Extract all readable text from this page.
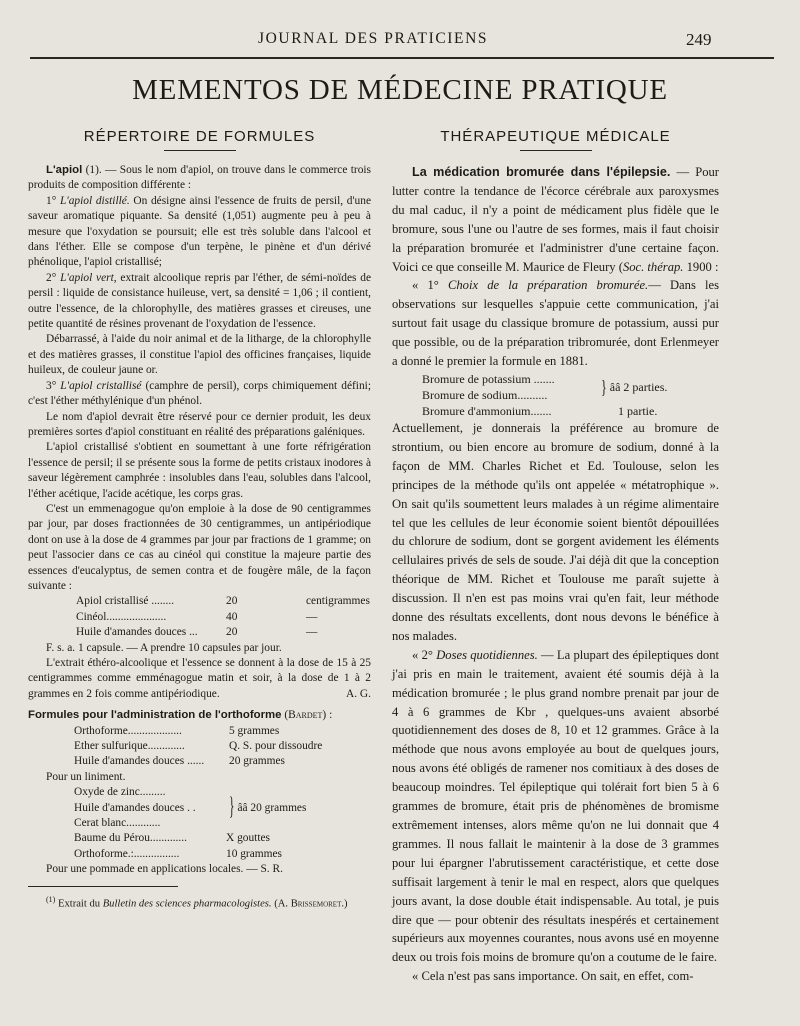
JOURNAL DES PRATICIENS	249
MEMENTOS DE MÉDECINE PRATIQUE
RÉPERTOIRE DE FORMULES

L'apiol (1). — Sous le nom d'apiol, on trouve dans le commerce trois produits de composition différente :

1° L'apiol distillé. On désigne ainsi l'essence de fruits de persil, d'une saveur aromatique piquante. Sa densité (1,051) augmente peu à peu à mesure que l'oxydation se poursuit; elle est très soluble dans l'alcool et dans l'éther. Elle se compose d'un terpène, le pinène et d'un dérivé phénolique, l'apiol cristallisé;

2° L'apiol vert, extrait alcoolique repris par l'éther, de sémi-noïdes de persil : liquide de consistance huileuse, vert, sa densité = 1,06 ; il contient, outre l'essence, de la chlorophylle, des matières grasses et cireuses, une petite quantité de résines provenant de l'oxydation de l'essence.

Débarrassé, à l'aide du noir animal et de la litharge, de la chlorophylle et des matières grasses, il constitue l'apiol des officines françaises, liquide huileux, de couleur jaune or.

3° L'apiol cristallisé (camphre de persil), corps chimiquement défini; c'est l'éther méthylénique d'un phénol.

Le nom d'apiol devrait être réservé pour ce dernier produit, les deux premières sortes d'apiol constituant en réalité des préparations galéniques.

L'apiol cristallisé s'obtient en soumettant à une forte réfrigération l'essence de persil; il se présente sous la forme de petits cristaux inodores à saveur légèrement camphrée : insolubles dans l'eau, solubles dans l'alcool, l'éther acétique, l'acide acétique, les corps gras.

C'est un emmenagogue qu'on emploie à la dose de 90 centigrammes par jour, par doses fractionnées de 30 centigrammes, un antipériodique dont on use à la dose de 4 grammes par jour par fractions de 1 gramme; on peut l'associer dans ce cas au cinéol qui constitue la majeure partie des essences d'eucalyptus, de semen contra et de fougère mâle, de la façon suivante :

Apiol cristallisé ........	20	centigrammes
Cinéol.....................	40	—
Huile d'amandes douces ...	20	—

F. s. a. 1 capsule. — A prendre 10 capsules par jour.

L'extrait éthéro-alcoolique et l'essence se donnent à la dose de 15 à 25 centigrammes comme emménagogue matin et soir, à la dose de 1 à 2 grammes en 2 fois comme antipériodique.	A. G.

Formules pour l'administration de l'orthoforme (Bardet) :

Orthoforme...................	5 grammes
Ether sulfurique.............	Q. S. pour dissoudre
Huile d'amandes douces ......	20 grammes

Pour un liniment.

Oxyde de zinc.........
Huile d'amandes douces . .
Cerat blanc............
} ââ 20 grammes
Baume du Pérou.............	X gouttes
Orthoforme.:................	10 grammes

Pour une pommade en applications locales. — S. R.

$^{(1)}$ Extrait du Bulletin des sciences pharmacologistes. (A. Brissemoret.)

THÉRAPEUTIQUE MÉDICALE

La médication bromurée dans l'épilepsie. — Pour lutter contre la tendance de l'écorce cérébrale aux paroxysmes du mal caduc, il n'y a point de médicament plus fidèle que le bromure, sous l'une ou l'autre de ses formes, mais il faut choisir la préparation bromurée et l'administrer d'une certaine façon. Voici ce que conseille M. Maurice de Fleury (Soc. thérap. 1900 :

« 1° Choix de la préparation bromurée.— Dans les observations sur lesquelles s'appuie cette communication, j'ai surtout fait usage du classique bromure de potassium, aussi pur que possible, ou de la préparation tribromurée, dont Erlenmeyer a donné le premier la formule en 1881.

Bromure de potassium .......
Bromure de sodium..........	} ââ 2 parties.
Bromure d'ammonium.......	1 partie.

Actuellement, je donnerais la préférence au bromure de strontium, ou bien encore au bromure de sodium, donné à la façon de MM. Charles Richet et Ed. Toulouse, selon les principes de la méthode qu'ils ont appelée « métatrophique ». On sait qu'ils soumettent leurs malades à un régime alimentaire tel que les cellules de leur économie soient bientôt dépouillées du chlorure de sodium, dont se gorgent avidement les éléments cellulaires privés de sels de soude. J'ai déjà dit que la conception théorique de MM. Richet et Toulouse me paraît sujette à discussion. Il n'en est pas moins vrai qu'en fait, leur méthode donne des résultats excellents, dont nous devons le bénéfice à nos malades.

« 2° Doses quotidiennes. — La plupart des épileptiques dont j'ai pris en main le traitement, avaient été soumis déjà à la médication bromurée ; le plus grand nombre prenait par jour de 4 à 6 grammes de Kbr , quelques-uns avaient absorbé quotidiennement des doses de 8, 10 et 12 grammes. Grâce à la méthode que nous avons employée au bout de quelques jours, nous avons été obligés de ramener nos comitiaux à des doses de beaucoup moindres. Tel épileptique qui tolérait fort bien 5 à 6 grammes de bromure, était pris de phénomènes de bromisme extrêmement intenses, alors même qu'on ne lui donnait que 4 grammes. Il nous fallait le maintenir à la dose de 3 grammes pour lui épargner l'abrutissement caractéristique, et cette dose suffisait largement à tenir le mal en respect, alors que quelques jours avant, la dose double était indispensable. Au total, je puis dire que — pour obtenir des résultats inespérés et certainement supérieurs aux moyennes courantes, nous avons usé en moyenne deux ou trois fois moins de bromure qu'on a coutume de le faire.

« Cela n'est pas sans importance. On sait, en effet, com-
